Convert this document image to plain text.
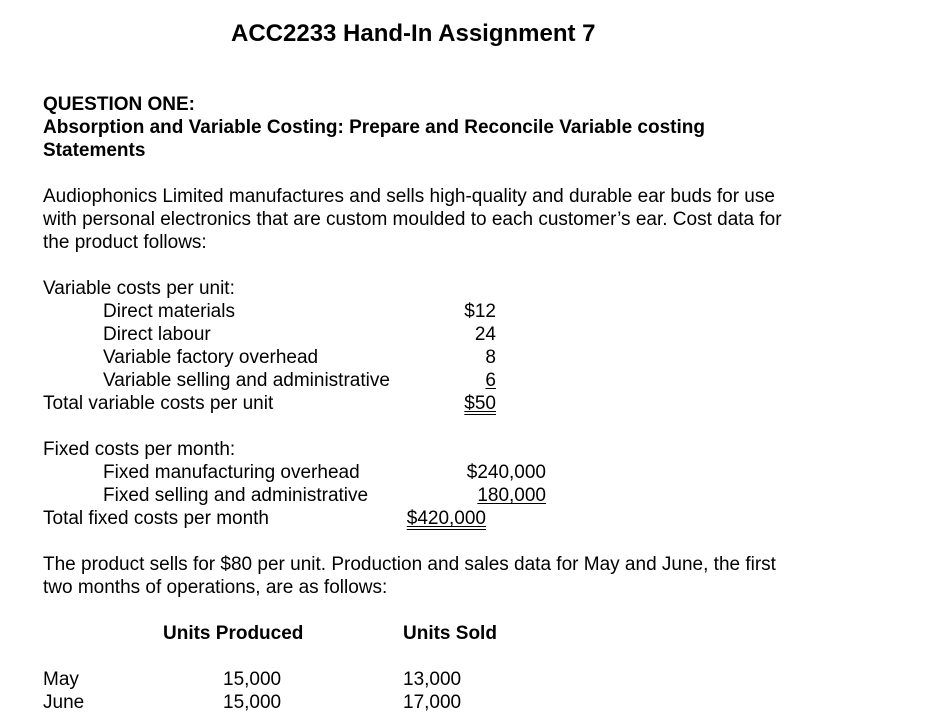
ACC2233 Hand-In Assignment 7
QUESTION ONE:
Absorption and Variable Costing: Prepare and Reconcile Variable costing
Statements
Audiophonics Limited manufactures and sells high-quality and durable ear buds for use
with personal electronics that are custom moulded to each customer’s ear. Cost data for
the product follows:
Variable costs per unit:
Direct materials	$12
Direct labour	24
Variable factory overhead	8
Variable selling and administrative	6
Total variable costs per unit	$50
Fixed costs per month:
Fixed manufacturing overhead	$240,000
Fixed selling and administrative	180,000
Total fixed costs per month	$420,000
The product sells for $80 per unit. Production and sales data for May and June, the first
two months of operations, are as follows:
Units Produced	Units Sold
May	15,000	13,000
June	15,000	17,000
